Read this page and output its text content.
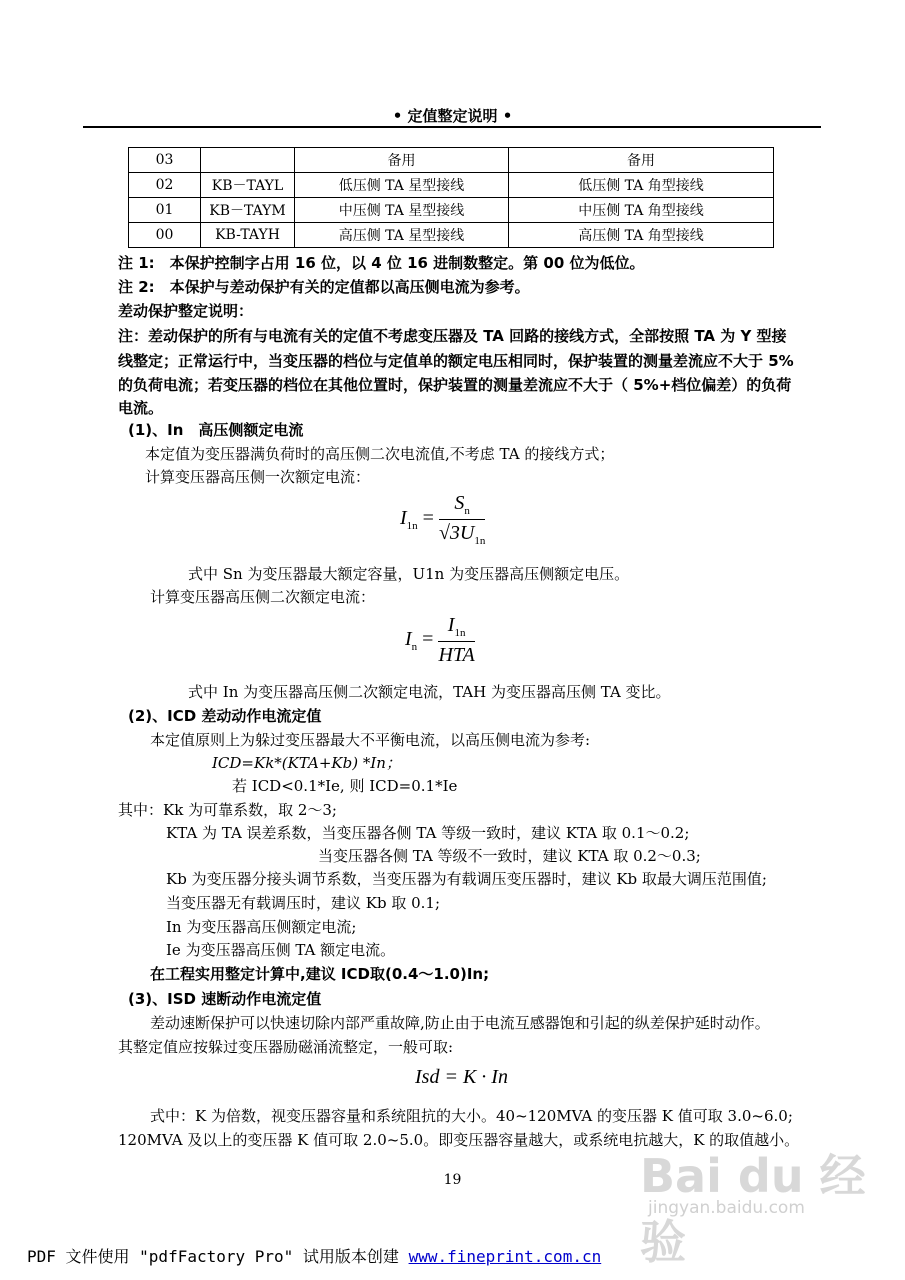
• 定值整定说明 •
03		备用	备用
02	KB－TAYL	低压侧 TA 星型接线	低压侧 TA 角型接线
01	KB－TAYM	中压侧 TA 星型接线	中压侧 TA 角型接线
00	KB-TAYH	高压侧 TA 星型接线	高压侧 TA 角型接线
注 1:　本保护控制字占用 16 位，以 4 位 16 进制数整定。第 00 位为低位。
注 2:　本保护与差动保护有关的定值都以高压侧电流为参考。
差动保护整定说明：
注：差动保护的所有与电流有关的定值不考虑变压器及 TA 回路的接线方式，全部按照 TA 为 Y 型接
线整定；正常运行中，当变压器的档位与定值单的额定电压相同时，保护装置的测量差流应不大于 5%
的负荷电流；若变压器的档位在其他位置时，保护装置的测量差流应不大于（ 5%+档位偏差）的负荷
电流。
(1)、In　高压侧额定电流
本定值为变压器满负荷时的高压侧二次电流值,不考虑 TA 的接线方式；
计算变压器高压侧一次额定电流：
$I_{1n} = \frac{S_n}{√3U_{1n}}$
式中 Sn 为变压器最大额定容量，U1n 为变压器高压侧额定电压。
计算变压器高压侧二次额定电流：
$I_n = \frac{I_{1n}}{\text{HTA}}$
式中 In 为变压器高压侧二次额定电流，TAH 为变压器高压侧 TA 变比。
(2)、ICD 差动动作电流定值
本定值原则上为躲过变压器最大不平衡电流，以高压侧电流为参考:
ICD=Kk*(KTA+Kb) *In；
若 ICD<0.1*Ie, 则 ICD=0.1*Ie
其中：Kk 为可靠系数，取 2～3;
KTA 为 TA 误差系数，当变压器各侧 TA 等级一致时，建议 KTA 取 0.1～0.2;
当变压器各侧 TA 等级不一致时，建议 KTA 取 0.2～0.3;
Kb 为变压器分接头调节系数，当变压器为有载调压变压器时，建议 Kb 取最大调压范围值;
当变压器无有载调压时，建议 Kb 取 0.1;
In 为变压器高压侧额定电流;
Ie 为变压器高压侧 TA 额定电流。
在工程实用整定计算中,建议 ICD取(0.4～1.0)In;
(3)、ISD 速断动作电流定值
差动速断保护可以快速切除内部严重故障,防止由于电流互感器饱和引起的纵差保护延时动作。
其整定值应按躲过变压器励磁涌流整定，一般可取:
Isd = K · In
式中：K 为倍数，视变压器容量和系统阻抗的大小。40~120MVA 的变压器 K 值可取 3.0~6.0;
120MVA 及以上的变压器 K 值可取 2.0~5.0。即变压器容量越大，或系统电抗越大，K 的取值越小。
19	Bai du 经验
jingyan.baidu.com
PDF 文件使用 "pdfFactory Pro" 试用版本创建 www.fineprint.com.cn
